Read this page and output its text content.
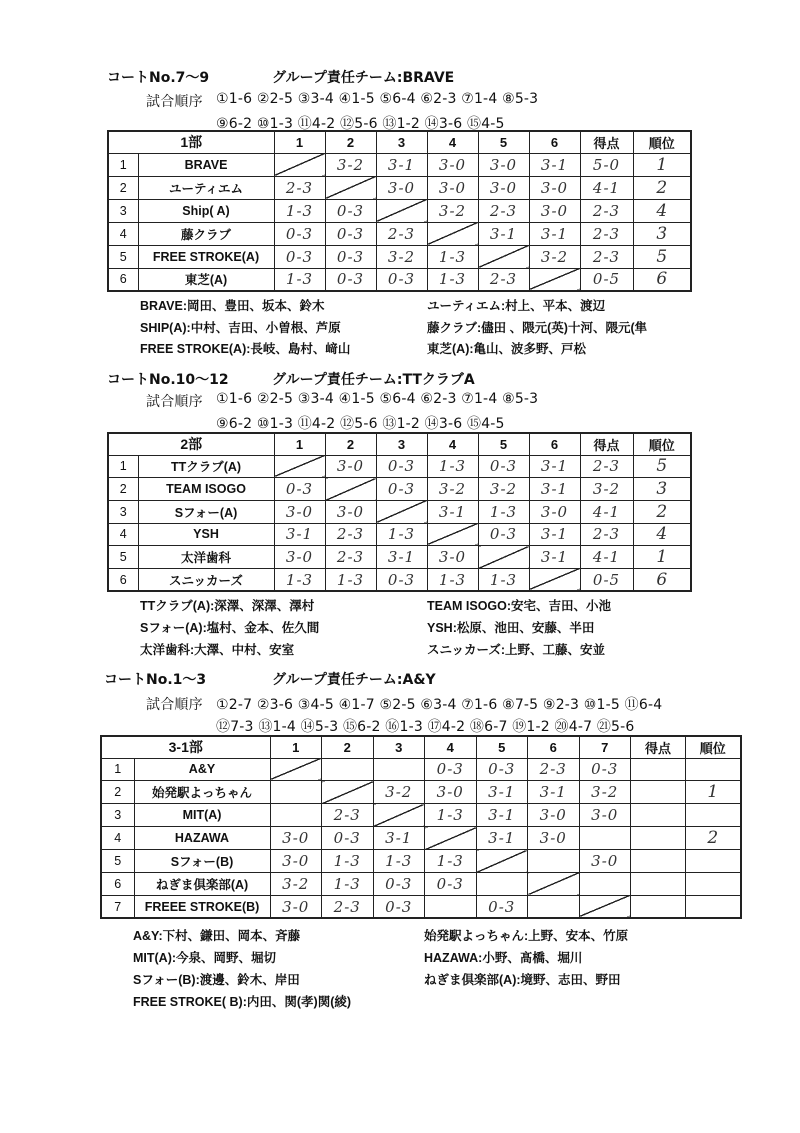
コートNo.7～9	グループ責任チーム:BRAVE
試合順序 ①1-6 ②2-5 ③3-4 ④1-5 ⑤6-4 ⑥2-3 ⑦1-4 ⑧5-3
⑨6-2 ⑩1-3 ⑪4-2 ⑫5-6 ⑬1-2 ⑭3-6 ⑮4-5
1部		1	2	3	4	5	6	得点	順位
1	BRAVE		3-2	3-1	3-0	3-0	3-1	5-0	1
2	ユーティエム	2-3		3-0	3-0	3-0	3-0	4-1	2
3	Ship( A)	1-3	0-3		3-2	2-3	3-0	2-3	4
4	藤クラブ	0-3	0-3	2-3		3-1	3-1	2-3	3
5	FREE STROKE(A)	0-3	0-3	3-2	1-3		3-2	2-3	5
6	東芝(A)	1-3	0-3	0-3	1-3	2-3		0-5	6
BRAVE:岡田、豊田、坂本、鈴木	ユーティエム:村上、平本、渡辺
SHIP(A):中村、吉田、小曽根、芦原	藤クラブ:儘田 、隈元(英)十河、隈元(隼
FREE STROKE(A):長岐、島村、﨑山	東芝(A):亀山、波多野、戸松
コートNo.10～12	グループ責任チーム:TTクラブA
試合順序 ①1-6 ②2-5 ③3-4 ④1-5 ⑤6-4 ⑥2-3 ⑦1-4 ⑧5-3
⑨6-2 ⑩1-3 ⑪4-2 ⑫5-6 ⑬1-2 ⑭3-6 ⑮4-5
2部		1	2	3	4	5	6	得点	順位
1	TTクラブ(A)		3-0	0-3	1-3	0-3	3-1	2-3	5
2	TEAM ISOGO	0-3		0-3	3-2	3-2	3-1	3-2	3
3	Sフォー(A)	3-0	3-0		3-1	1-3	3-0	4-1	2
4	YSH	3-1	2-3	1-3		0-3	3-1	2-3	4
5	太洋歯科	3-0	2-3	3-1	3-0		3-1	4-1	1
6	スニッカーズ	1-3	1-3	0-3	1-3	1-3		0-5	6
TTクラブ(A):深澤、深澤、澤村	TEAM ISOGO:安宅、吉田、小池
Sフォー(A):塩村、金本、佐久間	YSH:松原、池田、安藤、半田
太洋歯科:大澤、中村、安室	スニッカーズ:上野、工藤、安並
コートNo.1～3	グループ責任チーム:A&Y
試合順序 ①2-7 ②3-6 ③4-5 ④1-7 ⑤2-5 ⑥3-4 ⑦1-6 ⑧7-5 ⑨2-3 ⑩1-5 ⑪6-4
⑫7-3 ⑬1-4 ⑭5-3 ⑮6-2 ⑯1-3 ⑰4-2 ⑱6-7 ⑲1-2 ⑳4-7 ㉑5-6
3-1部		1	2	3	4	5	6	7	得点	順位
1	A&Y				0-3	0-3	2-3	0-3		
2	始発駅よっちゃん			3-2	3-0	3-1	3-1	3-2		1
3	MIT(A)		2-3		1-3	3-1	3-0	3-0		
4	HAZAWA	3-0	0-3	3-1		3-1	3-0			2
5	Sフォー(B)	3-0	1-3	1-3	1-3			3-0		
6	ねぎま倶楽部(A)	3-2	1-3	0-3	0-3					
7	FREEE STROKE(B)	3-0	2-3	0-3		0-3				
A&Y:下村、鎌田、岡本、斉藤	始発駅よっちゃん:上野、安本、竹原
MIT(A):今泉、岡野、堀切	HAZAWA:小野、髙橋、堀川
Sフォー(B):渡邊、鈴木、岸田	ねぎま倶楽部(A):境野、志田、野田
FREE STROKE( B):内田、関(孝)関(綾)
